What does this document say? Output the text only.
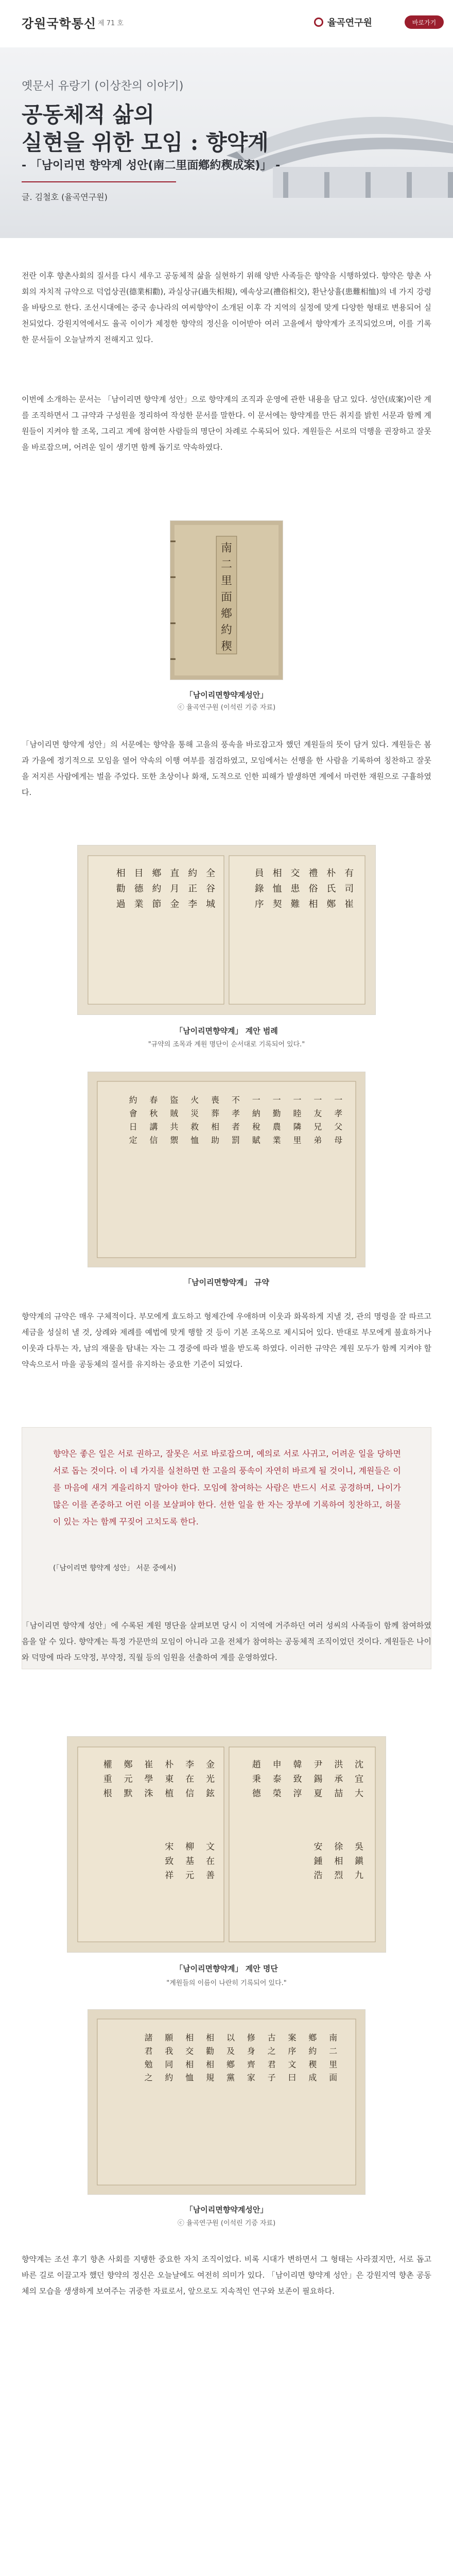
강원국학통신 제 71 호	율곡연구원	바로가기
옛문서 유랑기 (이상찬의 이야기)
공동체적 삶의
실현을 위한 모임 : 향약계
- 「남이리면 향약계 성안(南二里面鄕約稧成案)」 -
글. 김철호 (율곡연구원)
전란 이후 향촌사회의 질서를 다시 세우고 공동체적 삶을 실현하기 위해 양반 사족들은 향약을 시행하였다. 향약은 향촌 사회의 자치적 규약으로 덕업상권(德業相勸), 과실상규(過失相規), 예속상교(禮俗相交), 환난상휼(患難相恤)의 네 가지 강령을 바탕으로 한다. 조선시대에는 중국 송나라의 여씨향약이 소개된 이후 각 지역의 실정에 맞게 다양한 형태로 변용되어 실천되었다. 강원지역에서도 율곡 이이가 제정한 향약의 정신을 이어받아 여러 고을에서 향약계가 조직되었으며, 이를 기록한 문서들이 오늘날까지 전해지고 있다.
이번에 소개하는 문서는 「남이리면 향약계 성안」으로 향약계의 조직과 운영에 관한 내용을 담고 있다. 성안(成案)이란 계를 조직하면서 그 규약과 구성원을 정리하여 작성한 문서를 말한다. 이 문서에는 향약계를 만든 취지를 밝힌 서문과 함께 계원들이 지켜야 할 조목, 그리고 계에 참여한 사람들의 명단이 차례로 수록되어 있다. 계원들은 서로의 덕행을 권장하고 잘못을 바로잡으며, 어려운 일이 생기면 함께 돕기로 약속하였다.
南
二
里
面
鄕
約
稧
「남이리면향약계성안」
ⓒ 율곡연구원 (이석린 기증 자료)
「남이리면 향약계 성안」의 서문에는 향약을 통해 고을의 풍속을 바로잡고자 했던 계원들의 뜻이 담겨 있다. 계원들은 봄과 가을에 정기적으로 모임을 열어 약속의 이행 여부를 점검하였고, 모임에서는 선행을 한 사람을 기록하여 칭찬하고 잘못을 저지른 사람에게는 벌을 주었다. 또한 초상이나 화재, 도적으로 인한 피해가 발생하면 계에서 마련한 재원으로 구휼하였다.
全
谷
城
約
正
李
直
月
金
鄕
約
節
目
德
業
相
勸
過
有
司
崔
朴
氏
鄭
禮
俗
相
交
患
難
相
恤
契
員
錄
序
「남이리면향약계」 계안 범례
"규약의 조목과 계원 명단이 순서대로 기록되어 있다."
一
孝
父
母
一
友
兄
弟
一
睦
隣
里
一
勤
農
業
一
納
稅
賦
不
孝
者
罰
喪
葬
相
助
火
災
救
恤
盜
賊
共
禦
春
秋
講
信
約
會
日
定
「남이리면향약계」 규약
향약계의 규약은 매우 구체적이다. 부모에게 효도하고 형제간에 우애하며 이웃과 화목하게 지낼 것, 관의 명령을 잘 따르고 세금을 성실히 낼 것, 상례와 제례를 예법에 맞게 행할 것 등이 기본 조목으로 제시되어 있다. 반대로 부모에게 불효하거나 이웃과 다투는 자, 남의 재물을 탐내는 자는 그 경중에 따라 벌을 받도록 하였다. 이러한 규약은 계원 모두가 함께 지켜야 할 약속으로서 마을 공동체의 질서를 유지하는 중요한 기준이 되었다.
향약은 좋은 일은 서로 권하고, 잘못은 서로 바로잡으며, 예의로 서로 사귀고, 어려운 일을 당하면 서로 돕는 것이다. 이 네 가지를 실천하면 한 고을의 풍속이 자연히 바르게 될 것이니, 계원들은 이를 마음에 새겨 게을리하지 말아야 한다. 모임에 참여하는 사람은 반드시 서로 공경하며, 나이가 많은 이를 존중하고 어린 이를 보살펴야 한다. 선한 일을 한 자는 장부에 기록하여 칭찬하고, 허물이 있는 자는 함께 꾸짖어 고치도록 한다.
(「남이리면 향약계 성안」 서문 중에서)
「남이리면 향약계 성안」에 수록된 계원 명단을 살펴보면 당시 이 지역에 거주하던 여러 성씨의 사족들이 함께 참여하였음을 알 수 있다. 향약계는 특정 가문만의 모임이 아니라 고을 전체가 참여하는 공동체적 조직이었던 것이다. 계원들은 나이와 덕망에 따라 도약정, 부약정, 직월 등의 임원을 선출하여 계를 운영하였다.
金
光
鉉
李
在
信
朴
東
植
崔
學
洙
鄭
元
默
權
重
根
沈
宜
大
洪
承
喆
尹
錫
夏
韓
致
淳
申
泰
榮
趙
秉
德
文
在
善
柳
基
元
宋
致
祥
吳
鎭
九
徐
相
烈
安
鍾
浩
「남이리면향약계」 계안 명단
"계원들의 이름이 나란히 기록되어 있다."
南
二
里
面
鄕
約
稧
成
案
序
文
曰
古
之
君
子
修
身
齊
家
以
及
鄕
黨
相
勸
相
規
相
交
相
恤
願
我
同
約
諸
君
勉
之
「남이리면향약계성안」
ⓒ 율곡연구원 (이석린 기증 자료)
향약계는 조선 후기 향촌 사회를 지탱한 중요한 자치 조직이었다. 비록 시대가 변하면서 그 형태는 사라졌지만, 서로 돕고 바른 길로 이끌고자 했던 향약의 정신은 오늘날에도 여전히 의미가 있다. 「남이리면 향약계 성안」은 강원지역 향촌 공동체의 모습을 생생하게 보여주는 귀중한 자료로서, 앞으로도 지속적인 연구와 보존이 필요하다.
